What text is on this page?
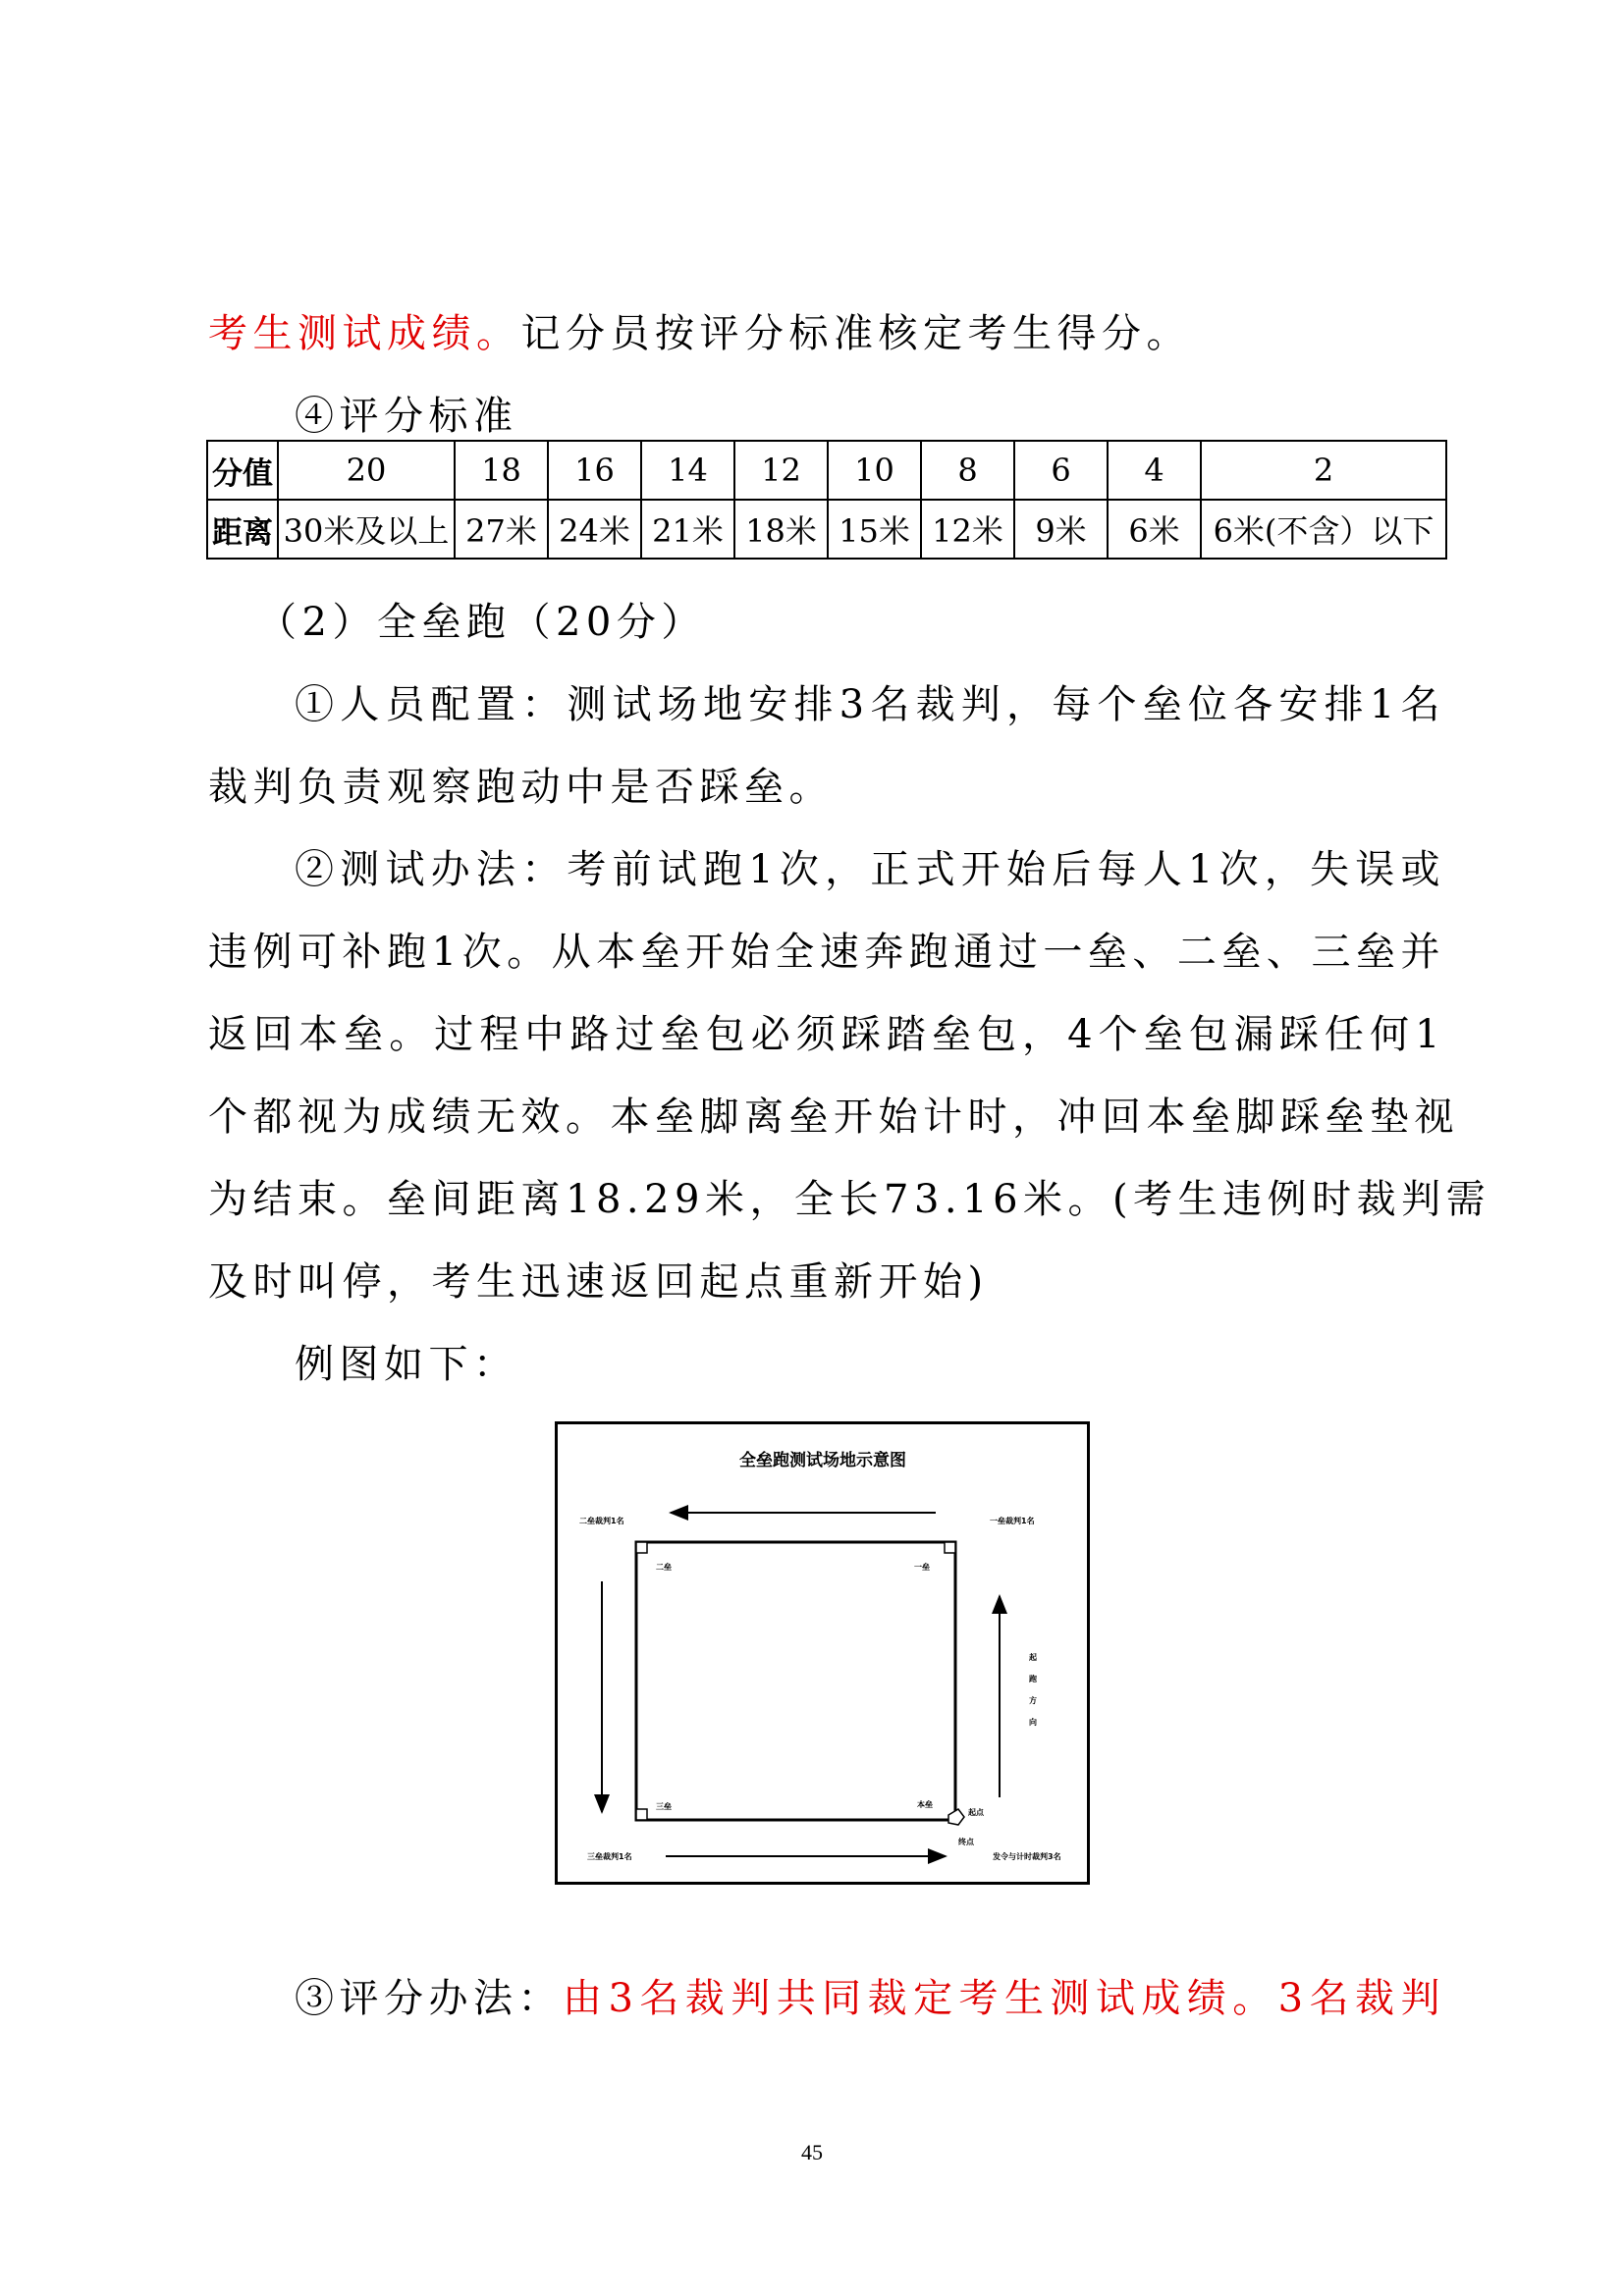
考生测试成绩。记分员按评分标准核定考生得分。
④评分标准
分值	20	18	16	14	12	10	8	6	4	2
距离	30米及以上	27米	24米	21米	18米	15米	12米	9米	6米	6米(不含）以下
（2）全垒跑（20分）
①人员配置：测试场地安排3名裁判，每个垒位各安排1名
裁判负责观察跑动中是否踩垒。
②测试办法：考前试跑1次，正式开始后每人1次，失误或
违例可补跑1次。从本垒开始全速奔跑通过一垒、二垒、三垒并
返回本垒。过程中路过垒包必须踩踏垒包，4个垒包漏踩任何1
个都视为成绩无效。本垒脚离垒开始计时，冲回本垒脚踩垒垫视
为结束。垒间距离18.29米，全长73.16米。(考生违例时裁判需
及时叫停，考生迅速返回起点重新开始)
例图如下：
全垒跑测试场地示意图
二垒裁判1名	一垒裁判1名
三垒裁判1名	发令与计时裁判3名
二垒	一垒
三垒	本垒
起点
终点
起
跑
方
向
③评分办法： 由3名裁判共同裁定考生测试成绩。3名裁判
45
